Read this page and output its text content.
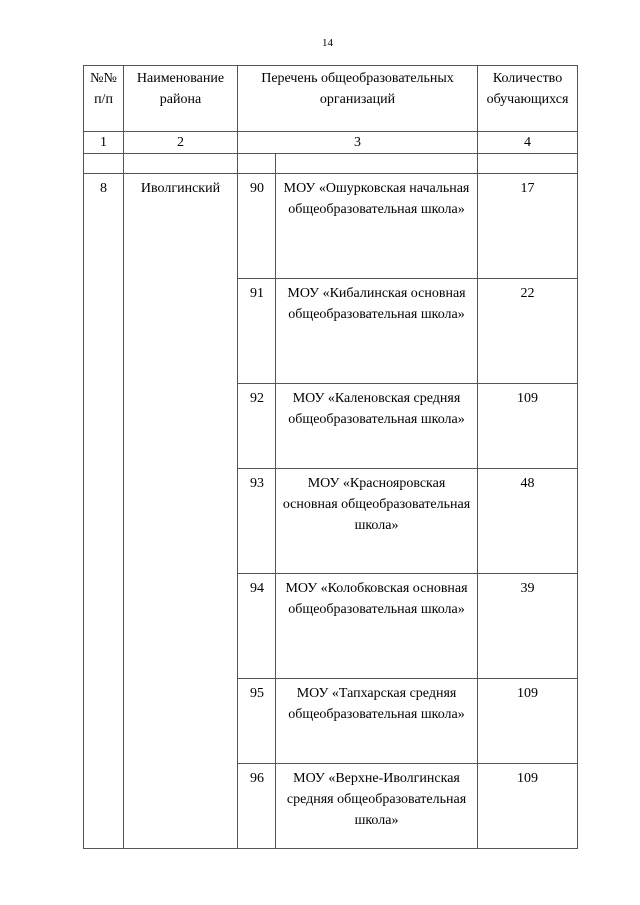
14
№№ п/п	Наименование района	Перечень общеобразовательных организаций		Количество обучающихся
1	2	3		4

8	Иволгинский	90	МОУ «Ошурковская начальная общеобразовательная школа»	17
		91	МОУ «Кибалинская основная общеобразовательная школа»	22
		92	МОУ «Каленовская средняя общеобразовательная школа»	109
		93	МОУ «Краснояровская основная общеобразовательная школа»	48
		94	МОУ «Колобковская основная общеобразовательная школа»	39
		95	МОУ «Тапхарская средняя общеобразовательная школа»	109
		96	МОУ «Верхне-Иволгинская средняя общеобразовательная школа»	109
